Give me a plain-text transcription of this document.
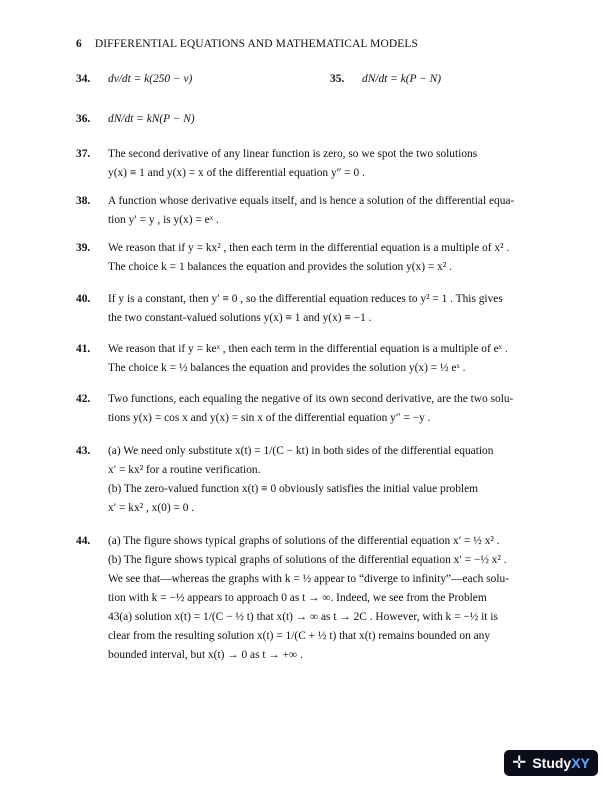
6 DIFFERENTIAL EQUATIONS AND MATHEMATICAL MODELS
34.	dv/dt = k(250 − v)	35.	dN/dt = k(P − N)
36.	dN/dt = kN(P − N)
37.	The second derivative of any linear function is zero, so we spot the two solutions
y(x) ≡ 1 and y(x) = x of the differential equation y″ = 0 .
38.	A function whose derivative equals itself, and is hence a solution of the differential equa-
tion y′ = y , is y(x) = eˣ .
39.	We reason that if y = kx² , then each term in the differential equation is a multiple of x² .
The choice k = 1 balances the equation and provides the solution y(x) = x² .
40.	If y is a constant, then y′ ≡ 0 , so the differential equation reduces to y² = 1 . This gives
the two constant-valued solutions y(x) ≡ 1 and y(x) ≡ −1 .
41.	We reason that if y = keˣ , then each term in the differential equation is a multiple of eˣ .
The choice k = ½ balances the equation and provides the solution y(x) = ½ eˣ .
42.	Two functions, each equaling the negative of its own second derivative, are the two solu-
tions y(x) = cos x and y(x) = sin x of the differential equation y″ = −y .
43.	(a) We need only substitute x(t) = 1/(C − kt) in both sides of the differential equation
x′ = kx² for a routine verification.
(b) The zero-valued function x(t) ≡ 0 obviously satisfies the initial value problem
x′ = kx² , x(0) = 0 .
44.	(a) The figure shows typical graphs of solutions of the differential equation x′ = ½ x² .
(b) The figure shows typical graphs of solutions of the differential equation x′ = −½ x² .
We see that—whereas the graphs with k = ½ appear to “diverge to infinity”—each solu-
tion with k = −½ appears to approach 0 as t → ∞. Indeed, we see from the Problem
43(a) solution x(t) = 1/(C − ½ t) that x(t) → ∞ as t → 2C . However, with k = −½ it is
clear from the resulting solution x(t) = 1/(C + ½ t) that x(t) remains bounded on any
bounded interval, but x(t) → 0 as t → +∞ .
✛ Study XY
